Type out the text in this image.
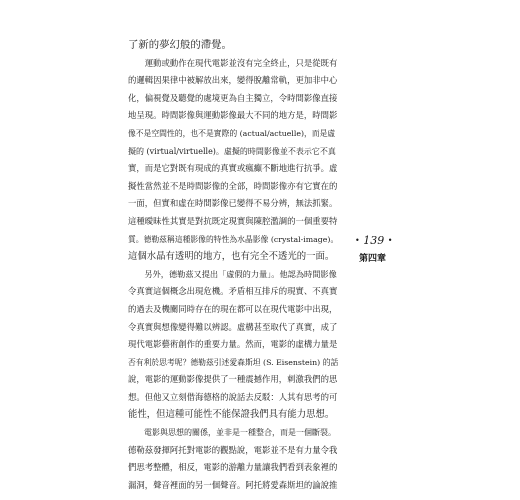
了新的夢幻般的滯覺。
　　運動或動作在現代電影並沒有完全終止，只是從既有
的邏輯因果律中被解放出來，變得脫離常軌，更加非中心
化，偏視覺及聽覺的處境更為自主獨立，令時間影像直接
地呈現。時間影像與運動影像最大不同的地方是，時間影
像不是空間性的，也不是實際的 (actual/actuelle)，而是虛
擬的 (virtual/virtuelle)。虛擬的時間影像並不表示它不真
實，而是它對既有現成的真實或瘋癲不斷地進行抗爭。虛
擬性當然並不是時間影像的全部，時間影像亦有它實在的
一面，但實和虛在時間影像已變得不易分辨，無法抓緊。
這種曖昧性其實是對抗既定現實與陳腔濫調的一個重要特
質。德勒茲稱這種影像的特性為水晶影像 (crystal-image)。
這個水晶有透明的地方，也有完全不透光的一面。
　　另外，德勒茲又提出「虛假的力量」。他認為時間影像
令真實這個概念出現危機。矛盾相互排斥的現實、不真實
的過去及機關同時存在的現在都可以在現代電影中出現，
令真實與想像變得難以辨認。虛構甚至取代了真實，成了
現代電影藝術創作的重要力量。然而，電影的虛構力量是
否有利於思考呢？德勒茲引述愛森斯坦 (S. Eisenstein) 的話
說，電影的運動影像提供了一種震撼作用，刺激我們的思
想。但他又立刻借海德格的說話去反駁：人其有思考的可
能性，但這種可能性不能保證我們具有能力思想。
　　電影與思想的關係，並非是一種整合，而是一個斷裂。
德勒茲發揮阿托對電影的觀點說，電影並不是有力量令我
們思考整體，相反，電影的游離力量讓我們看到表象裡的
漏洞，聲音裡面的另一個聲音。阿托將愛森斯坦的論說推
• 139 •
第四章
